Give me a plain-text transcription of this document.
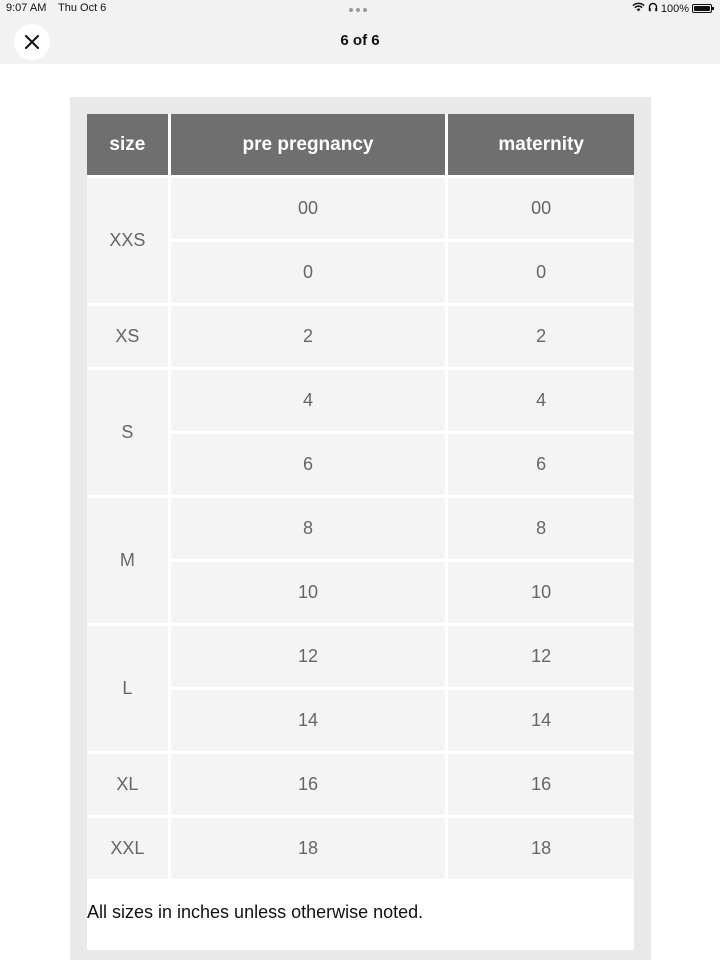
9:07 AM Thu Oct 6	100%
6 of 6
size	pre pregnancy	maternity
XXS	00	00
	0	0
XS	2	2
S	4	4
	6	6
M	8	8
	10	10
L	12	12
	14	14
XL	16	16
XXL	18	18
All sizes in inches unless otherwise noted.
